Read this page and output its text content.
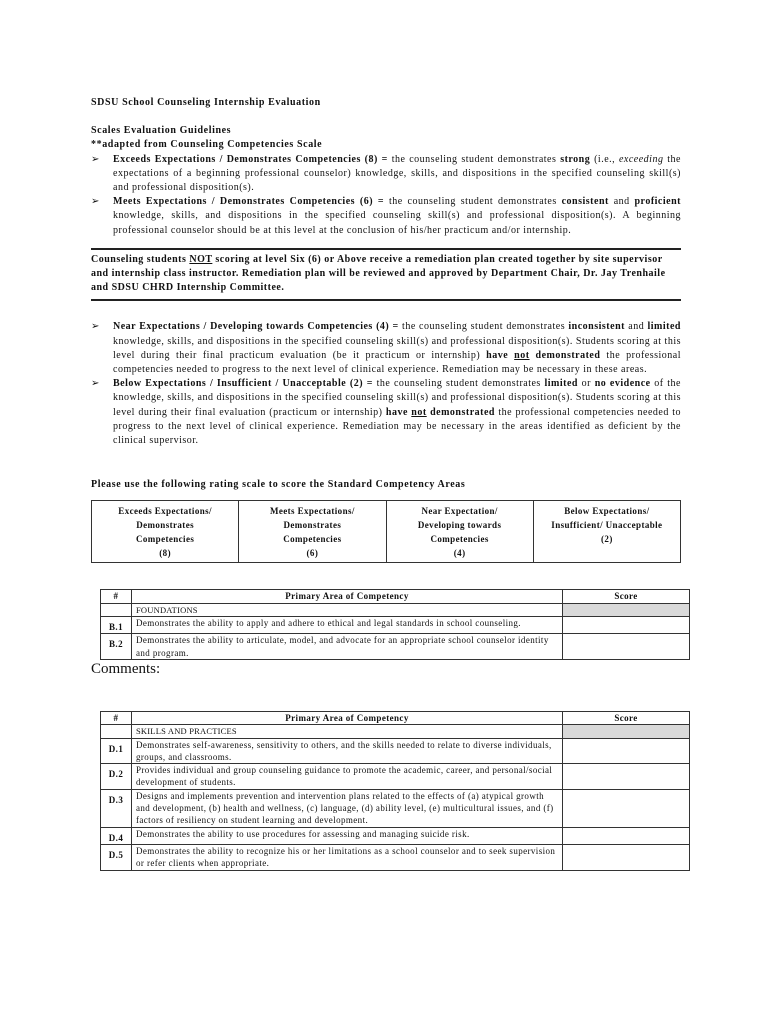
SDSU School Counseling Internship Evaluation
Scales Evaluation Guidelines
**adapted from Counseling Competencies Scale
➢ Exceeds Expectations / Demonstrates Competencies (8) = the counseling student demonstrates strong (i.e., exceeding the expectations of a beginning professional counselor) knowledge, skills, and dispositions in the specified counseling skill(s) and professional disposition(s).
➢ Meets Expectations / Demonstrates Competencies (6) = the counseling student demonstrates consistent and proficient knowledge, skills, and dispositions in the specified counseling skill(s) and professional disposition(s). A beginning professional counselor should be at this level at the conclusion of his/her practicum and/or internship.
Counseling students NOT scoring at level Six (6) or Above receive a remediation plan created together by site supervisor and internship class instructor. Remediation plan will be reviewed and approved by Department Chair, Dr. Jay Trenhaile and SDSU CHRD Internship Committee.
➢ Near Expectations / Developing towards Competencies (4) = the counseling student demonstrates inconsistent and limited knowledge, skills, and dispositions in the specified counseling skill(s) and professional disposition(s). Students scoring at this level during their final practicum evaluation (be it practicum or internship) have not demonstrated the professional competencies needed to progress to the next level of clinical experience. Remediation may be necessary in these areas.
➢ Below Expectations / Insufficient / Unacceptable (2) = the counseling student demonstrates limited or no evidence of the knowledge, skills, and dispositions in the specified counseling skill(s) and professional disposition(s). Students scoring at this level during their final evaluation (practicum or internship) have not demonstrated the professional competencies needed to progress to the next level of clinical experience. Remediation may be necessary in the areas identified as deficient by the clinical supervisor.
Please use the following rating scale to score the Standard Competency Areas
Exceeds Expectations/
Demonstrates
Competencies
(8)

Meets Expectations/
Demonstrates
Competencies
(6)

Near Expectation/
Developing towards
Competencies
(4)

Below Expectations/
Insufficient/ Unacceptable
(2)
#	Primary Area of Competency	Score
	FOUNDATIONS	
B.1	Demonstrates the ability to apply and adhere to ethical and legal standards in school counseling.	
B.2	Demonstrates the ability to articulate, model, and advocate for an appropriate school counselor identity and program.	
Comments:
#	Primary Area of Competency	Score
	SKILLS AND PRACTICES	
D.1	Demonstrates self-awareness, sensitivity to others, and the skills needed to relate to diverse individuals, groups, and classrooms.	
D.2	Provides individual and group counseling guidance to promote the academic, career, and personal/social development of students.	
D.3	Designs and implements prevention and intervention plans related to the effects of (a) atypical growth and development, (b) health and wellness, (c) language, (d) ability level, (e) multicultural issues, and (f) factors of resiliency on student learning and development.	
D.4	Demonstrates the ability to use procedures for assessing and managing suicide risk.	
D.5	Demonstrates the ability to recognize his or her limitations as a school counselor and to seek supervision or refer clients when appropriate.	
